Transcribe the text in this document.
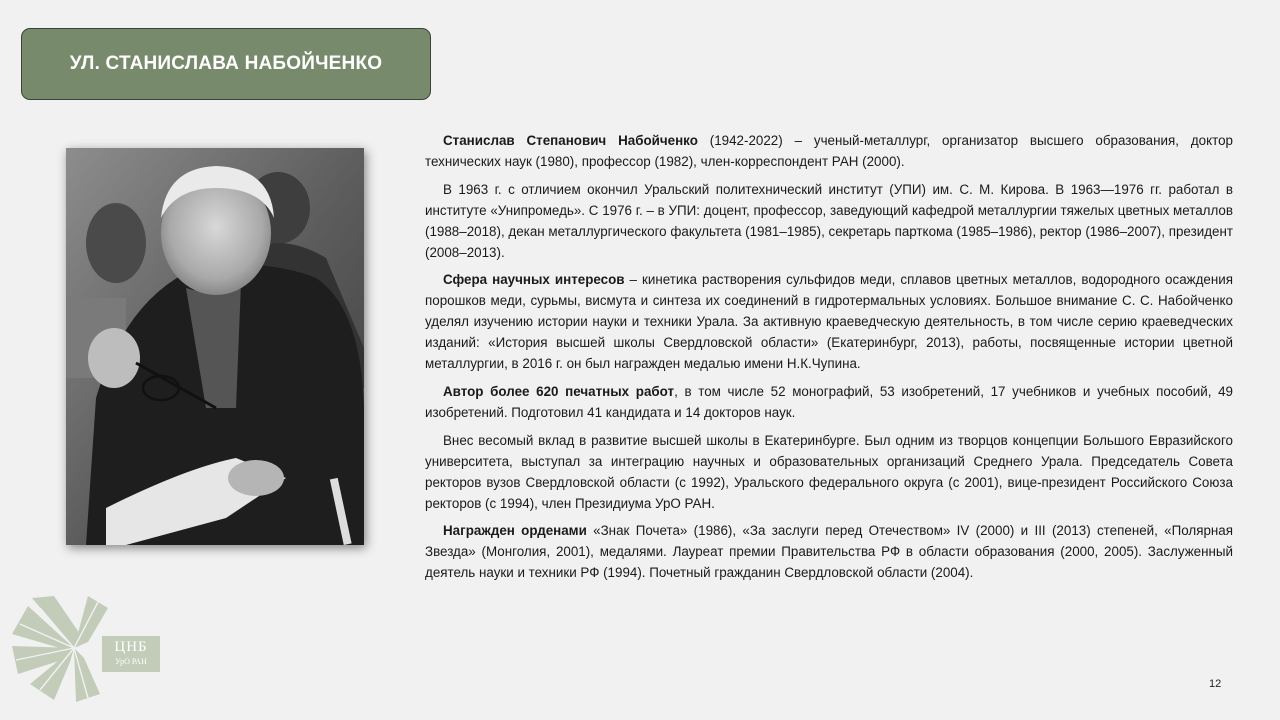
УЛ. СТАНИСЛАВА НАБОЙЧЕНКО

Станислав Степанович Набойченко (1942-2022) – ученый-металлург, организатор высшего образования, доктор технических наук (1980), профессор (1982), член-корреспондент РАН (2000).

В 1963 г. с отличием окончил Уральский политехнический институт (УПИ) им. С. М. Кирова. В 1963—1976 гг. работал в институте «Унипромедь». С 1976 г. – в УПИ: доцент, профессор, заведующий кафедрой металлургии тяжелых цветных металлов (1988–2018), декан металлургического факультета (1981–1985), секретарь парткома (1985–1986), ректор (1986–2007), президент (2008–2013).

Сфера научных интересов – кинетика растворения сульфидов меди, сплавов цветных металлов, водородного осаждения порошков меди, сурьмы, висмута и синтеза их соединений в гидротермальных условиях. Большое внимание С. С. Набойченко уделял изучению истории науки и техники Урала. За активную краеведческую деятельность, в том числе серию краеведческих изданий: «История высшей школы Свердловской области» (Екатеринбург, 2013), работы, посвященные истории цветной металлургии, в 2016 г. он был награжден медалью имени Н.К.Чупина.

Автор более 620 печатных работ, в том числе 52 монографий, 53 изобретений, 17 учебников и учебных пособий, 49 изобретений. Подготовил 41 кандидата и 14 докторов наук.

Внес весомый вклад в развитие высшей школы в Екатеринбурге. Был одним из творцов концепции Большого Евразийского университета, выступал за интеграцию научных и образовательных организаций Среднего Урала. Председатель Совета ректоров вузов Свердловской области (с 1992), Уральского федерального округа (с 2001), вице-президент Российского Союза ректоров (с 1994), член Президиума УрО РАН.

Награжден орденами «Знак Почета» (1986), «За заслуги перед Отечеством» IV (2000) и III (2013) степеней, «Полярная Звезда» (Монголия, 2001), медалями. Лауреат премии Правительства РФ в области образования (2000, 2005). Заслуженный деятель науки и техники РФ (1994). Почетный гражданин Свердловской области (2004).

ЦНБ
УрО РАН
12
